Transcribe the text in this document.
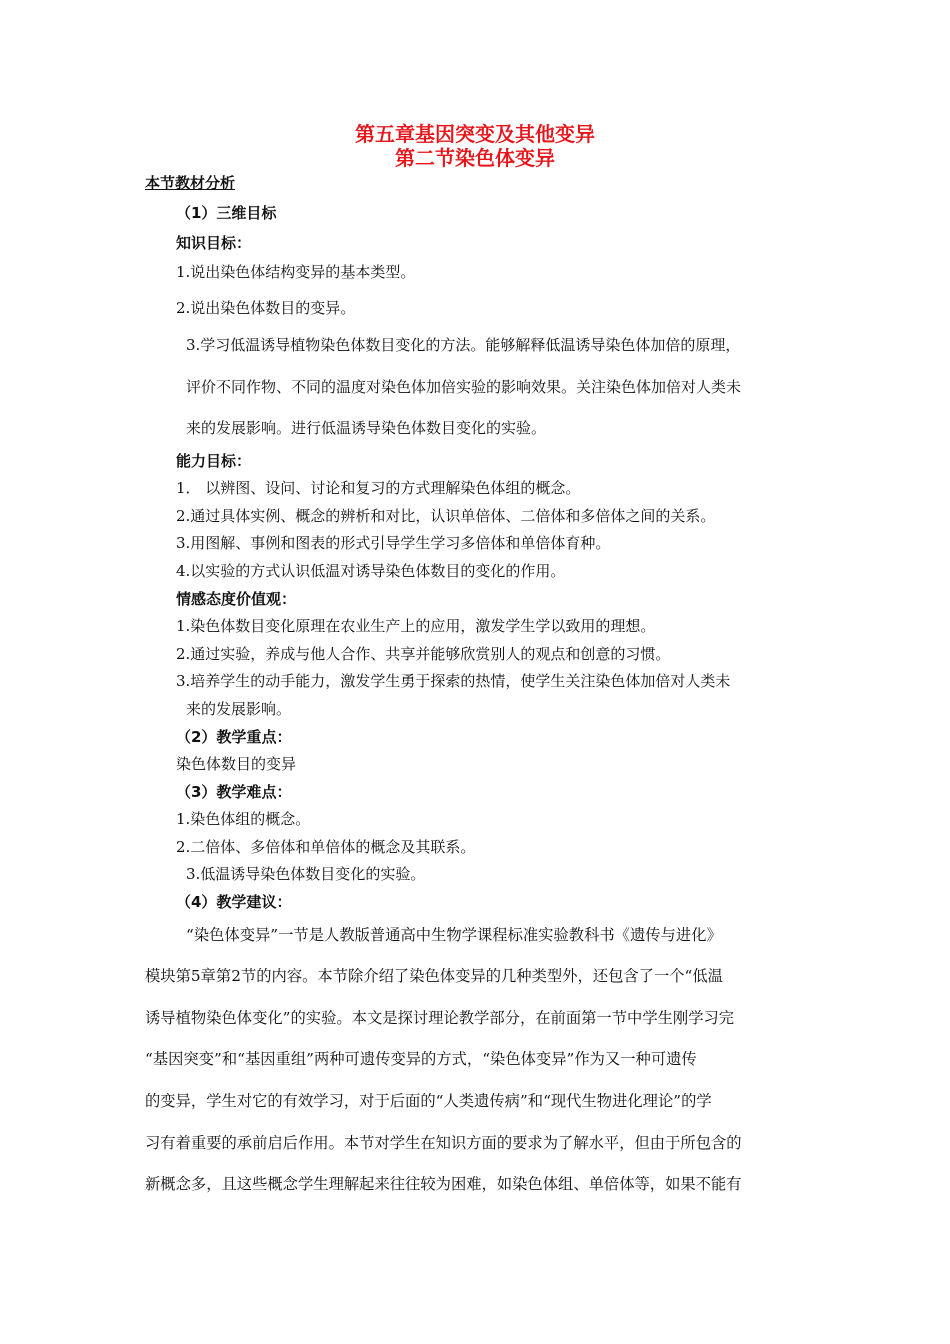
第五章基因突变及其他变异
第二节染色体变异
本节教材分析
（1）三维目标
知识目标：
1.说出染色体结构变异的基本类型。
2.说出染色体数目的变异。
3.学习低温诱导植物染色体数目变化的方法。能够解释低温诱导染色体加倍的原理，
评价不同作物、不同的温度对染色体加倍实验的影响效果。关注染色体加倍对人类未
来的发展影响。进行低温诱导染色体数目变化的实验。
能力目标：
1． 以辨图、设问、讨论和复习的方式理解染色体组的概念。
2.通过具体实例、概念的辨析和对比，认识单倍体、二倍体和多倍体之间的关系。
3.用图解、事例和图表的形式引导学生学习多倍体和单倍体育种。
4.以实验的方式认识低温对诱导染色体数目的变化的作用。
情感态度价值观：
1.染色体数目变化原理在农业生产上的应用，激发学生学以致用的理想。
2.通过实验，养成与他人合作、共享并能够欣赏别人的观点和创意的习惯。
3.培养学生的动手能力，激发学生勇于探索的热情，使学生关注染色体加倍对人类未
来的发展影响。
（2）教学重点：
染色体数目的变异
（3）教学难点：
1.染色体组的概念。
2.二倍体、多倍体和单倍体的概念及其联系。
3.低温诱导染色体数目变化的实验。
（4）教学建议：
“染色体变异”一节是人教版普通高中生物学课程标准实验教科书《遗传与进化》
模块第5章第2节的内容。本节除介绍了染色体变异的几种类型外，还包含了一个“低温
诱导植物染色体变化”的实验。本文是探讨理论教学部分，在前面第一节中学生刚学习完
“基因突变”和“基因重组”两种可遗传变异的方式，“染色体变异”作为又一种可遗传
的变异，学生对它的有效学习，对于后面的“人类遗传病”和“现代生物进化理论”的学
习有着重要的承前启后作用。本节对学生在知识方面的要求为了解水平，但由于所包含的
新概念多，且这些概念学生理解起来往往较为困难，如染色体组、单倍体等，如果不能有
